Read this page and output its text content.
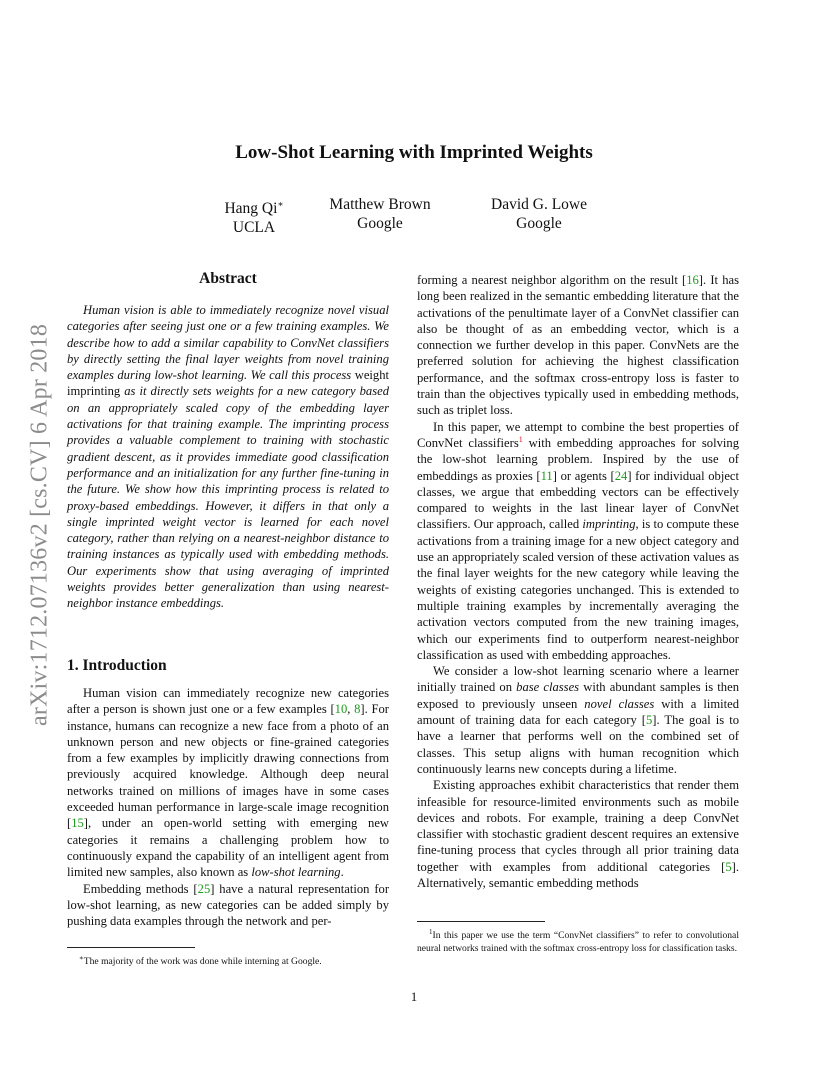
arXiv:1712.07136v2 [cs.CV] 6 Apr 2018
Low-Shot Learning with Imprinted Weights
Hang Qi∗
UCLA
Matthew Brown
Google
David G. Lowe
Google
Abstract

Human vision is able to immediately recognize novel visual categories after seeing just one or a few training examples. We describe how to add a similar capability to ConvNet classifiers by directly setting the final layer weights from novel training examples during low-shot learning. We call this process weight imprinting as it directly sets weights for a new category based on an appropriately scaled copy of the embedding layer activations for that training example. The imprinting process provides a valuable complement to training with stochastic gradient descent, as it provides immediate good classification performance and an initialization for any further fine-tuning in the future. We show how this imprinting process is related to proxy-based embeddings. However, it differs in that only a single imprinted weight vector is learned for each novel category, rather than relying on a nearest-neighbor distance to training instances as typically used with embedding methods. Our experiments show that using averaging of imprinted weights provides better generalization than using nearest-neighbor instance embeddings.

1. Introduction

Human vision can immediately recognize new categories after a person is shown just one or a few examples [10, 8]. For instance, humans can recognize a new face from a photo of an unknown person and new objects or fine-grained categories from a few examples by implicitly drawing connections from previously acquired knowledge. Although deep neural networks trained on millions of images have in some cases exceeded human performance in large-scale image recognition [15], under an open-world setting with emerging new categories it remains a challenging problem how to continuously expand the capability of an intelligent agent from limited new samples, also known as low-shot learning.

Embedding methods [25] have a natural representation for low-shot learning, as new categories can be added simply by pushing data examples through the network and per-

∗The majority of the work was done while interning at Google.

forming a nearest neighbor algorithm on the result [16]. It has long been realized in the semantic embedding literature that the activations of the penultimate layer of a ConvNet classifier can also be thought of as an embedding vector, which is a connection we further develop in this paper. ConvNets are the preferred solution for achieving the highest classification performance, and the softmax cross-entropy loss is faster to train than the objectives typically used in embedding methods, such as triplet loss.

In this paper, we attempt to combine the best properties of ConvNet classifiers$^1$ with embedding approaches for solving the low-shot learning problem. Inspired by the use of embeddings as proxies [11] or agents [24] for individual object classes, we argue that embedding vectors can be effectively compared to weights in the last linear layer of ConvNet classifiers. Our approach, called imprinting, is to compute these activations from a training image for a new object category and use an appropriately scaled version of these activation values as the final layer weights for the new category while leaving the weights of existing categories unchanged. This is extended to multiple training examples by incrementally averaging the activation vectors computed from the new training images, which our experiments find to outperform nearest-neighbor classification as used with embedding approaches.

We consider a low-shot learning scenario where a learner initially trained on base classes with abundant samples is then exposed to previously unseen novel classes with a limited amount of training data for each category [5]. The goal is to have a learner that performs well on the combined set of classes. This setup aligns with human recognition which continuously learns new concepts during a lifetime.

Existing approaches exhibit characteristics that render them infeasible for resource-limited environments such as mobile devices and robots. For example, training a deep ConvNet classifier with stochastic gradient descent requires an extensive fine-tuning process that cycles through all prior training data together with examples from additional categories [5]. Alternatively, semantic embedding methods

$^1$In this paper we use the term “ConvNet classifiers” to refer to convolutional neural networks trained with the softmax cross-entropy loss for classification tasks.

1
